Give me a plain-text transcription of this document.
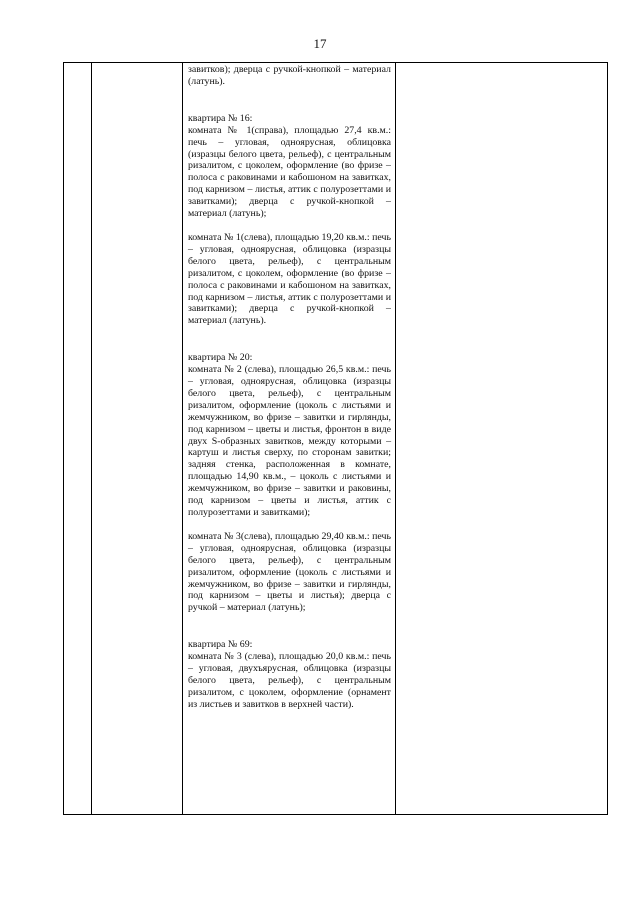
17

завитков); дверца с ручкой-кнопкой – материал (латунь).
квартира № 16:
комната № 1(справа), площадью 27,4 кв.м.: печь – угловая, одноярусная, облицовка (изразцы белого цвета, рельеф), с центральным ризалитом, с цоколем, оформление (во фризе – полоса с раковинами и кабошоном на завитках, под карнизом – листья, аттик с полурозеттами и завитками); дверца с ручкой-кнопкой – материал (латунь);
комната № 1(слева), площадью 19,20 кв.м.: печь – угловая, одноярусная, облицовка (изразцы белого цвета, рельеф), с центральным ризалитом, с цоколем, оформление (во фризе – полоса с раковинами и кабошоном на завитках, под карнизом – листья, аттик с полурозеттами и завитками); дверца с ручкой-кнопкой – материал (латунь).
квартира № 20:
комната № 2 (слева), площадью 26,5 кв.м.: печь – угловая, одноярусная, облицовка (изразцы белого цвета, рельеф), с центральным ризалитом, оформление (цоколь с листьями и жемчужником, во фризе – завитки и гирлянды, под карнизом – цветы и листья, фронтон в виде двух S-образных завитков, между которыми – картуш и листья сверху, по сторонам завитки; задняя стенка, расположенная в комнате, площадью 14,90 кв.м., – цоколь с листьями и жемчужником, во фризе – завитки и раковины, под карнизом – цветы и листья, аттик с полурозеттами и завитками);
комната № 3(слева), площадью 29,40 кв.м.: печь – угловая, одноярусная, облицовка (изразцы белого цвета, рельеф), с центральным ризалитом, оформление (цоколь с листьями и жемчужником, во фризе – завитки и гирлянды, под карнизом – цветы и листья); дверца с ручкой – материал (латунь);
квартира № 69:
комната № 3 (слева), площадью 20,0 кв.м.: печь – угловая, двухъярусная, облицовка (изразцы белого цвета, рельеф), с центральным ризалитом, с цоколем, оформление (орнамент из листьев и завитков в верхней части).
